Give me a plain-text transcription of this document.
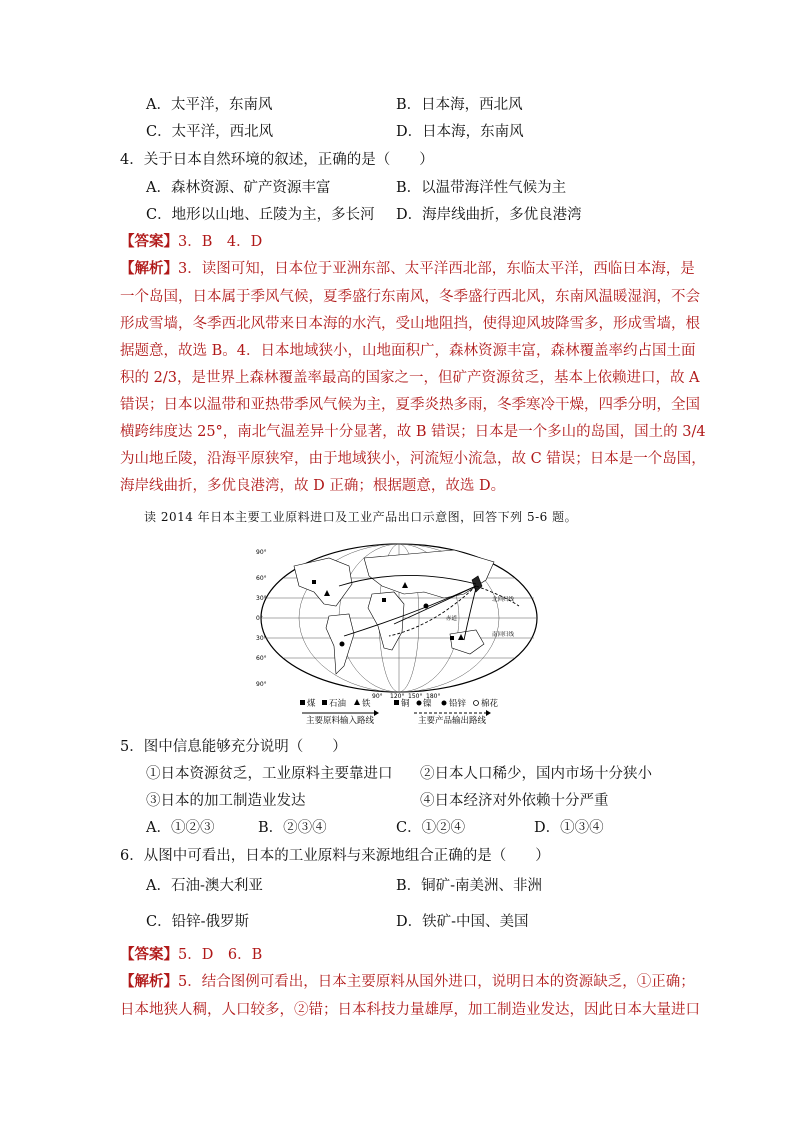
A．太平洋，东南风	B．日本海，西北风
C．太平洋，西北风	D．日本海，东南风
4．关于日本自然环境的叙述，正确的是（　　）
A．森林资源、矿产资源丰富	B．以温带海洋性气候为主
C．地形以山地、丘陵为主，多长河 D．海岸线曲折，多优良港湾
【答案】3．B　4．D
【解析】3．读图可知，日本位于亚洲东部、太平洋西北部，东临太平洋，西临日本海，是
一个岛国，日本属于季风气候，夏季盛行东南风，冬季盛行西北风，东南风温暖湿润，不会
形成雪墙，冬季西北风带来日本海的水汽，受山地阻挡，使得迎风坡降雪多，形成雪墙，根
据题意，故选 B。4．日本地域狭小，山地面积广，森林资源丰富，森林覆盖率约占国土面
积的 2/3，是世界上森林覆盖率最高的国家之一，但矿产资源贫乏，基本上依赖进口，故 A
错误；日本以温带和亚热带季风气候为主，夏季炎热多雨，冬季寒冷干燥，四季分明，全国
横跨纬度达 25°，南北气温差异十分显著，故 B 错误；日本是一个多山的岛国，国土的 3/4
为山地丘陵，沿海平原狭窄，由于地域狭小，河流短小流急，故 C 错误；日本是一个岛国，
海岸线曲折，多优良港湾，故 D 正确；根据题意，故选 D。
读 2014 年日本主要工业原料进口及工业产品出口示意图，回答下列 5-6 题。
90°
60°
30°
0°
30°
60°
90°
90° 120° 150° 180°
北回归线
赤道
南回归线
煤 石油 铁	铜 镍 铅锌 棉花
主要原料输入路线	主要产品输出路线
5．图中信息能够充分说明（　　）
①日本资源贫乏，工业原料主要靠进口 ②日本人口稀少，国内市场十分狭小
③日本的加工制造业发达	④日本经济对外依赖十分严重
A．①②③	B．②③④	C．①②④	D．①③④
6．从图中可看出，日本的工业原料与来源地组合正确的是（　　）
A．石油-澳大利亚	B．铜矿-南美洲、非洲
C．铅锌-俄罗斯	D．铁矿-中国、美国
【答案】5．D　6．B
【解析】5．结合图例可看出，日本主要原料从国外进口，说明日本的资源缺乏，①正确；
日本地狭人稠，人口较多，②错；日本科技力量雄厚，加工制造业发达，因此日本大量进口
